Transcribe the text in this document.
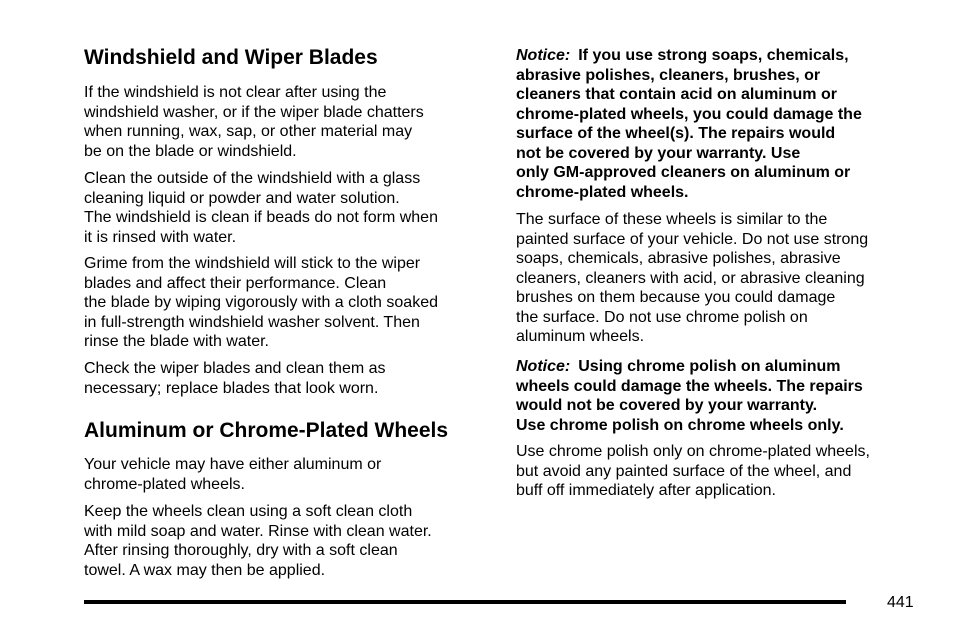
Windshield and Wiper Blades

If the windshield is not clear after using the
windshield washer, or if the wiper blade chatters
when running, wax, sap, or other material may
be on the blade or windshield.

Clean the outside of the windshield with a glass
cleaning liquid or powder and water solution.
The windshield is clean if beads do not form when
it is rinsed with water.

Grime from the windshield will stick to the wiper
blades and affect their performance. Clean
the blade by wiping vigorously with a cloth soaked
in full-strength windshield washer solvent. Then
rinse the blade with water.

Check the wiper blades and clean them as
necessary; replace blades that look worn.

Aluminum or Chrome-Plated Wheels

Your vehicle may have either aluminum or
chrome-plated wheels.

Keep the wheels clean using a soft clean cloth
with mild soap and water. Rinse with clean water.
After rinsing thoroughly, dry with a soft clean
towel. A wax may then be applied.

Notice: If you use strong soaps, chemicals,
abrasive polishes, cleaners, brushes, or
cleaners that contain acid on aluminum or
chrome-plated wheels, you could damage the
surface of the wheel(s). The repairs would
not be covered by your warranty. Use
only GM-approved cleaners on aluminum or
chrome-plated wheels.

The surface of these wheels is similar to the
painted surface of your vehicle. Do not use strong
soaps, chemicals, abrasive polishes, abrasive
cleaners, cleaners with acid, or abrasive cleaning
brushes on them because you could damage
the surface. Do not use chrome polish on
aluminum wheels.

Notice: Using chrome polish on aluminum
wheels could damage the wheels. The repairs
would not be covered by your warranty.
Use chrome polish on chrome wheels only.

Use chrome polish only on chrome-plated wheels,
but avoid any painted surface of the wheel, and
buff off immediately after application.

441
